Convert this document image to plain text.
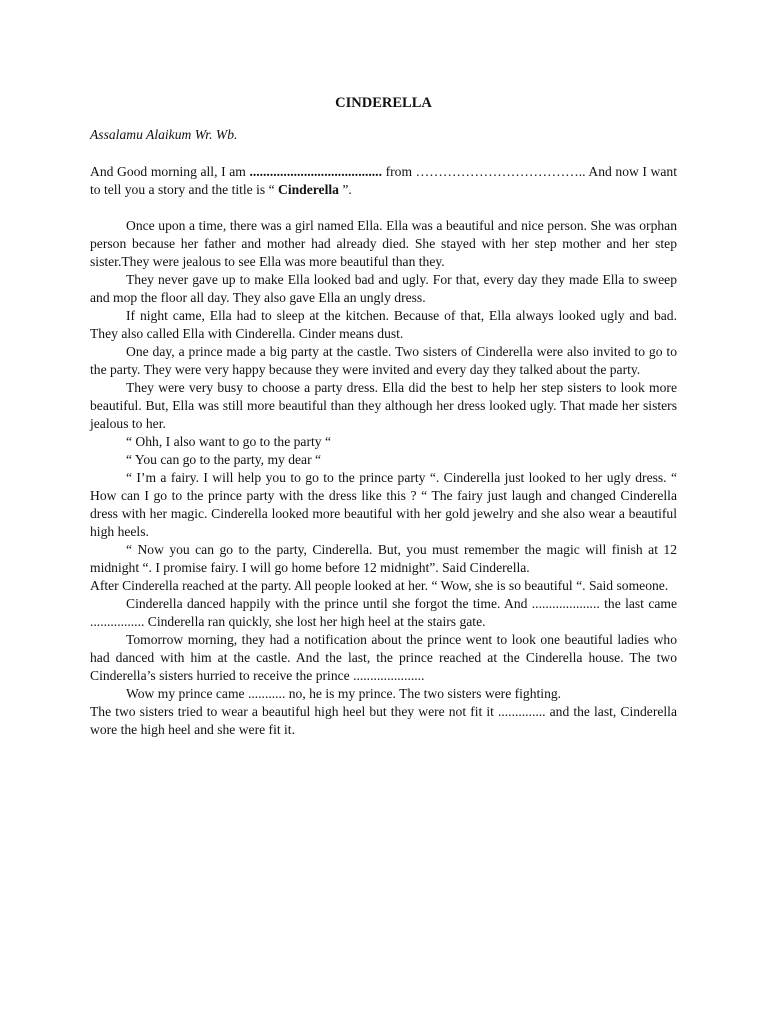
CINDERELLA
Assalamu Alaikum Wr. Wb.
And Good morning all, I am ....................................... from ……………………………….. And now I want to tell you a story and the title is “ Cinderella ”.

Once upon a time, there was a girl named Ella. Ella was a beautiful and nice person. She was orphan person because her father and mother had already died. She stayed with her step mother and her step sister.They were jealous to see Ella was more beautiful than they.

They never gave up to make Ella looked bad and ugly. For that, every day they made Ella to sweep and mop the floor all day. They also gave Ella an ungly dress.

If night came, Ella had to sleep at the kitchen. Because of that, Ella always looked ugly and bad. They also called Ella with Cinderella. Cinder means dust.

One day, a prince made a big party at the castle. Two sisters of Cinderella were also invited to go to the party. They were very happy because they were invited and every day they talked about the party.

They were very busy to choose a party dress. Ella did the best to help her step sisters to look more beautiful. But, Ella was still more beautiful than they although her dress looked ugly. That made her sisters jealous to her.

“ Ohh, I also want to go to the party “

“ You can go to the party, my dear “

“ I’m a fairy. I will help you to go to the prince party “. Cinderella just looked to her ugly dress. “ How can I go to the prince party with the dress like this ? “ The fairy just laugh and changed Cinderella dress with her magic. Cinderella looked more beautiful with her gold jewelry and she also wear a beautiful high heels.

“ Now you can go to the party, Cinderella. But, you must remember the magic will finish at 12 midnight “. I promise fairy. I will go home before 12 midnight”. Said Cinderella.

After Cinderella reached at the party. All people looked at her. “ Wow, she is so beautiful “. Said someone.

Cinderella danced happily with the prince until she forgot the time. And .................... the last came ................ Cinderella ran quickly, she lost her high heel at the stairs gate.

Tomorrow morning, they had a notification about the prince went to look one beautiful ladies who had danced with him at the castle. And the last, the prince reached at the Cinderella house. The two Cinderella’s sisters hurried to receive the prince .....................

Wow my prince came ........... no, he is my prince. The two sisters were fighting.

The two sisters tried to wear a beautiful high heel but they were not fit it .............. and the last, Cinderella wore the high heel and she were fit it.
